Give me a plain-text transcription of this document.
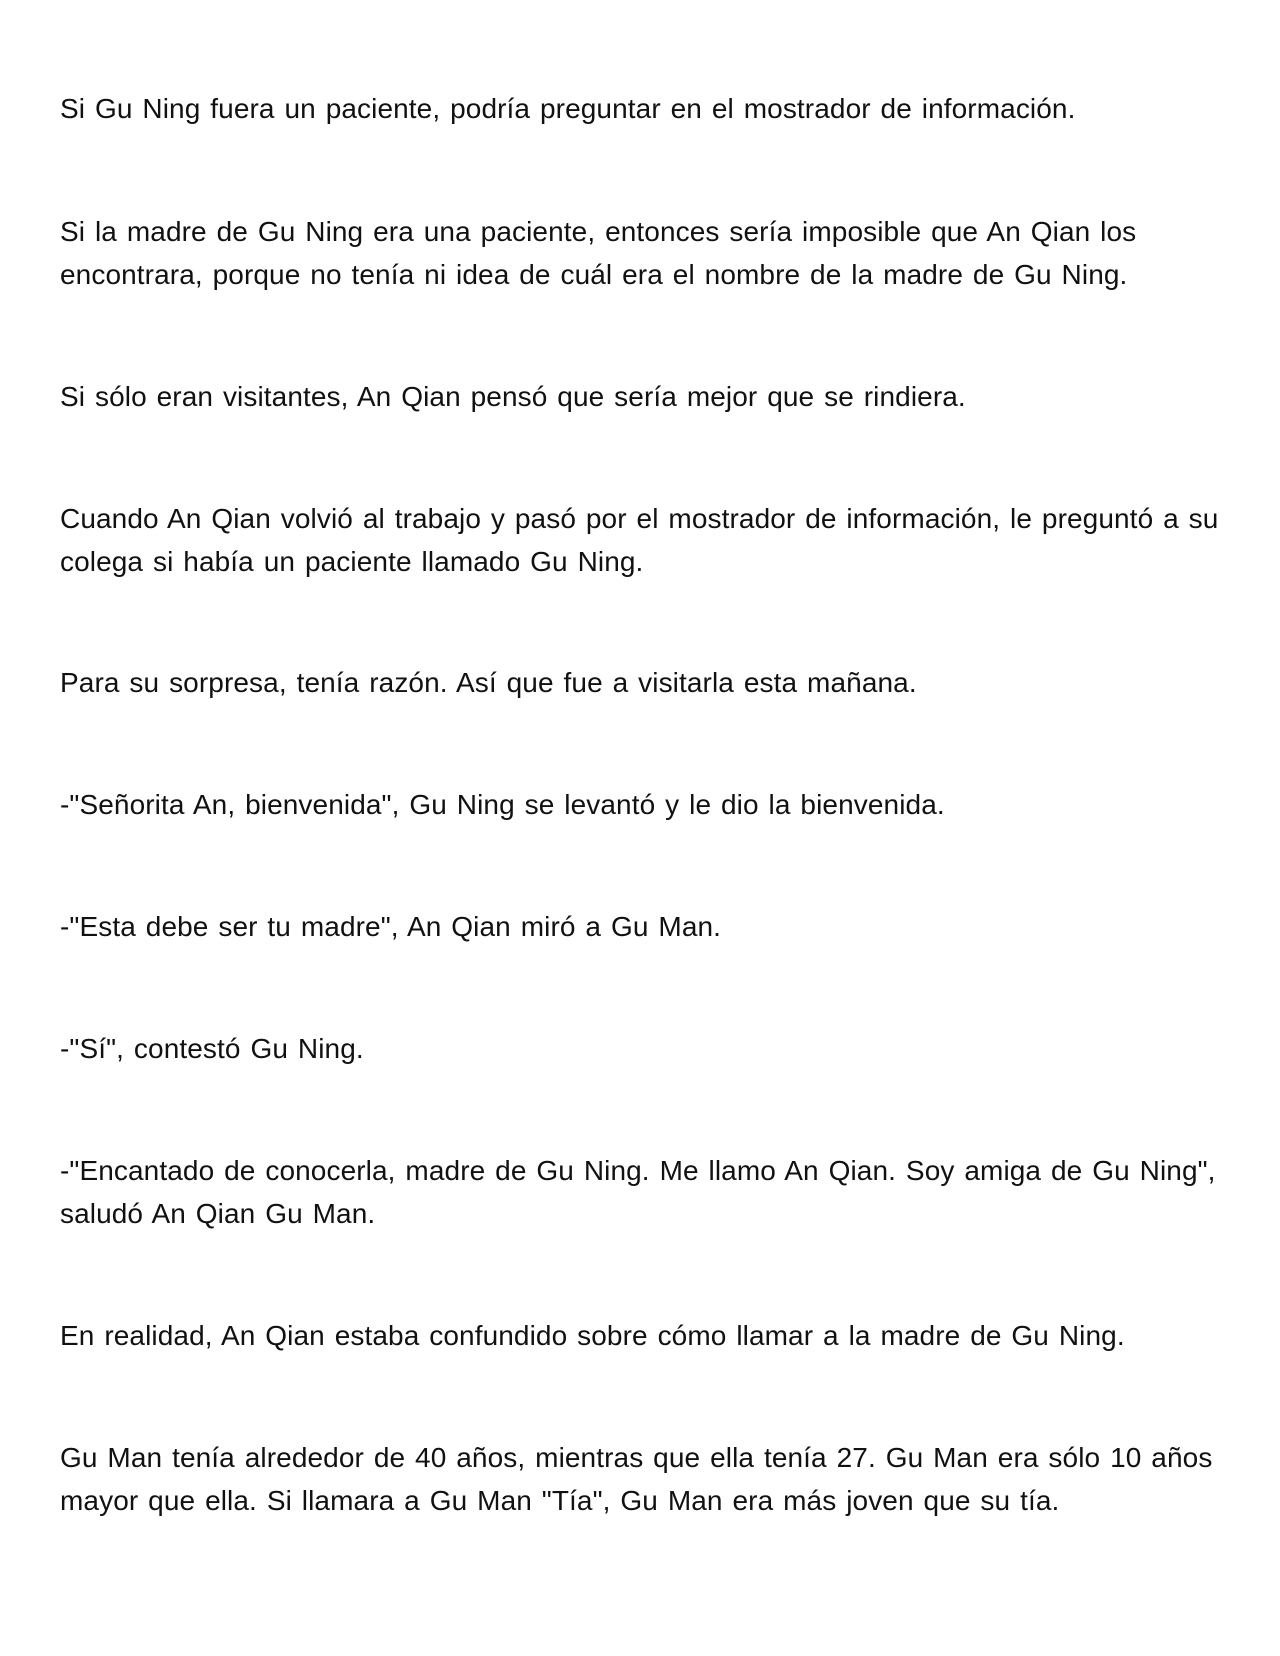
Si Gu Ning fuera un paciente, podría preguntar en el mostrador de información.

Si la madre de Gu Ning era una paciente, entonces sería imposible que An Qian los encontrara, porque no tenía ni idea de cuál era el nombre de la madre de Gu Ning.

Si sólo eran visitantes, An Qian pensó que sería mejor que se rindiera.

Cuando An Qian volvió al trabajo y pasó por el mostrador de información, le preguntó a su colega si había un paciente llamado Gu Ning.

Para su sorpresa, tenía razón. Así que fue a visitarla esta mañana.

-"Señorita An, bienvenida", Gu Ning se levantó y le dio la bienvenida.

-"Esta debe ser tu madre", An Qian miró a Gu Man.

-"Sí", contestó Gu Ning.

-"Encantado de conocerla, madre de Gu Ning. Me llamo An Qian. Soy amiga de Gu Ning", saludó An Qian Gu Man.

En realidad, An Qian estaba confundido sobre cómo llamar a la madre de Gu Ning.

Gu Man tenía alrededor de 40 años, mientras que ella tenía 27. Gu Man era sólo 10 años mayor que ella. Si llamara a Gu Man "Tía", Gu Man era más joven que su tía.
